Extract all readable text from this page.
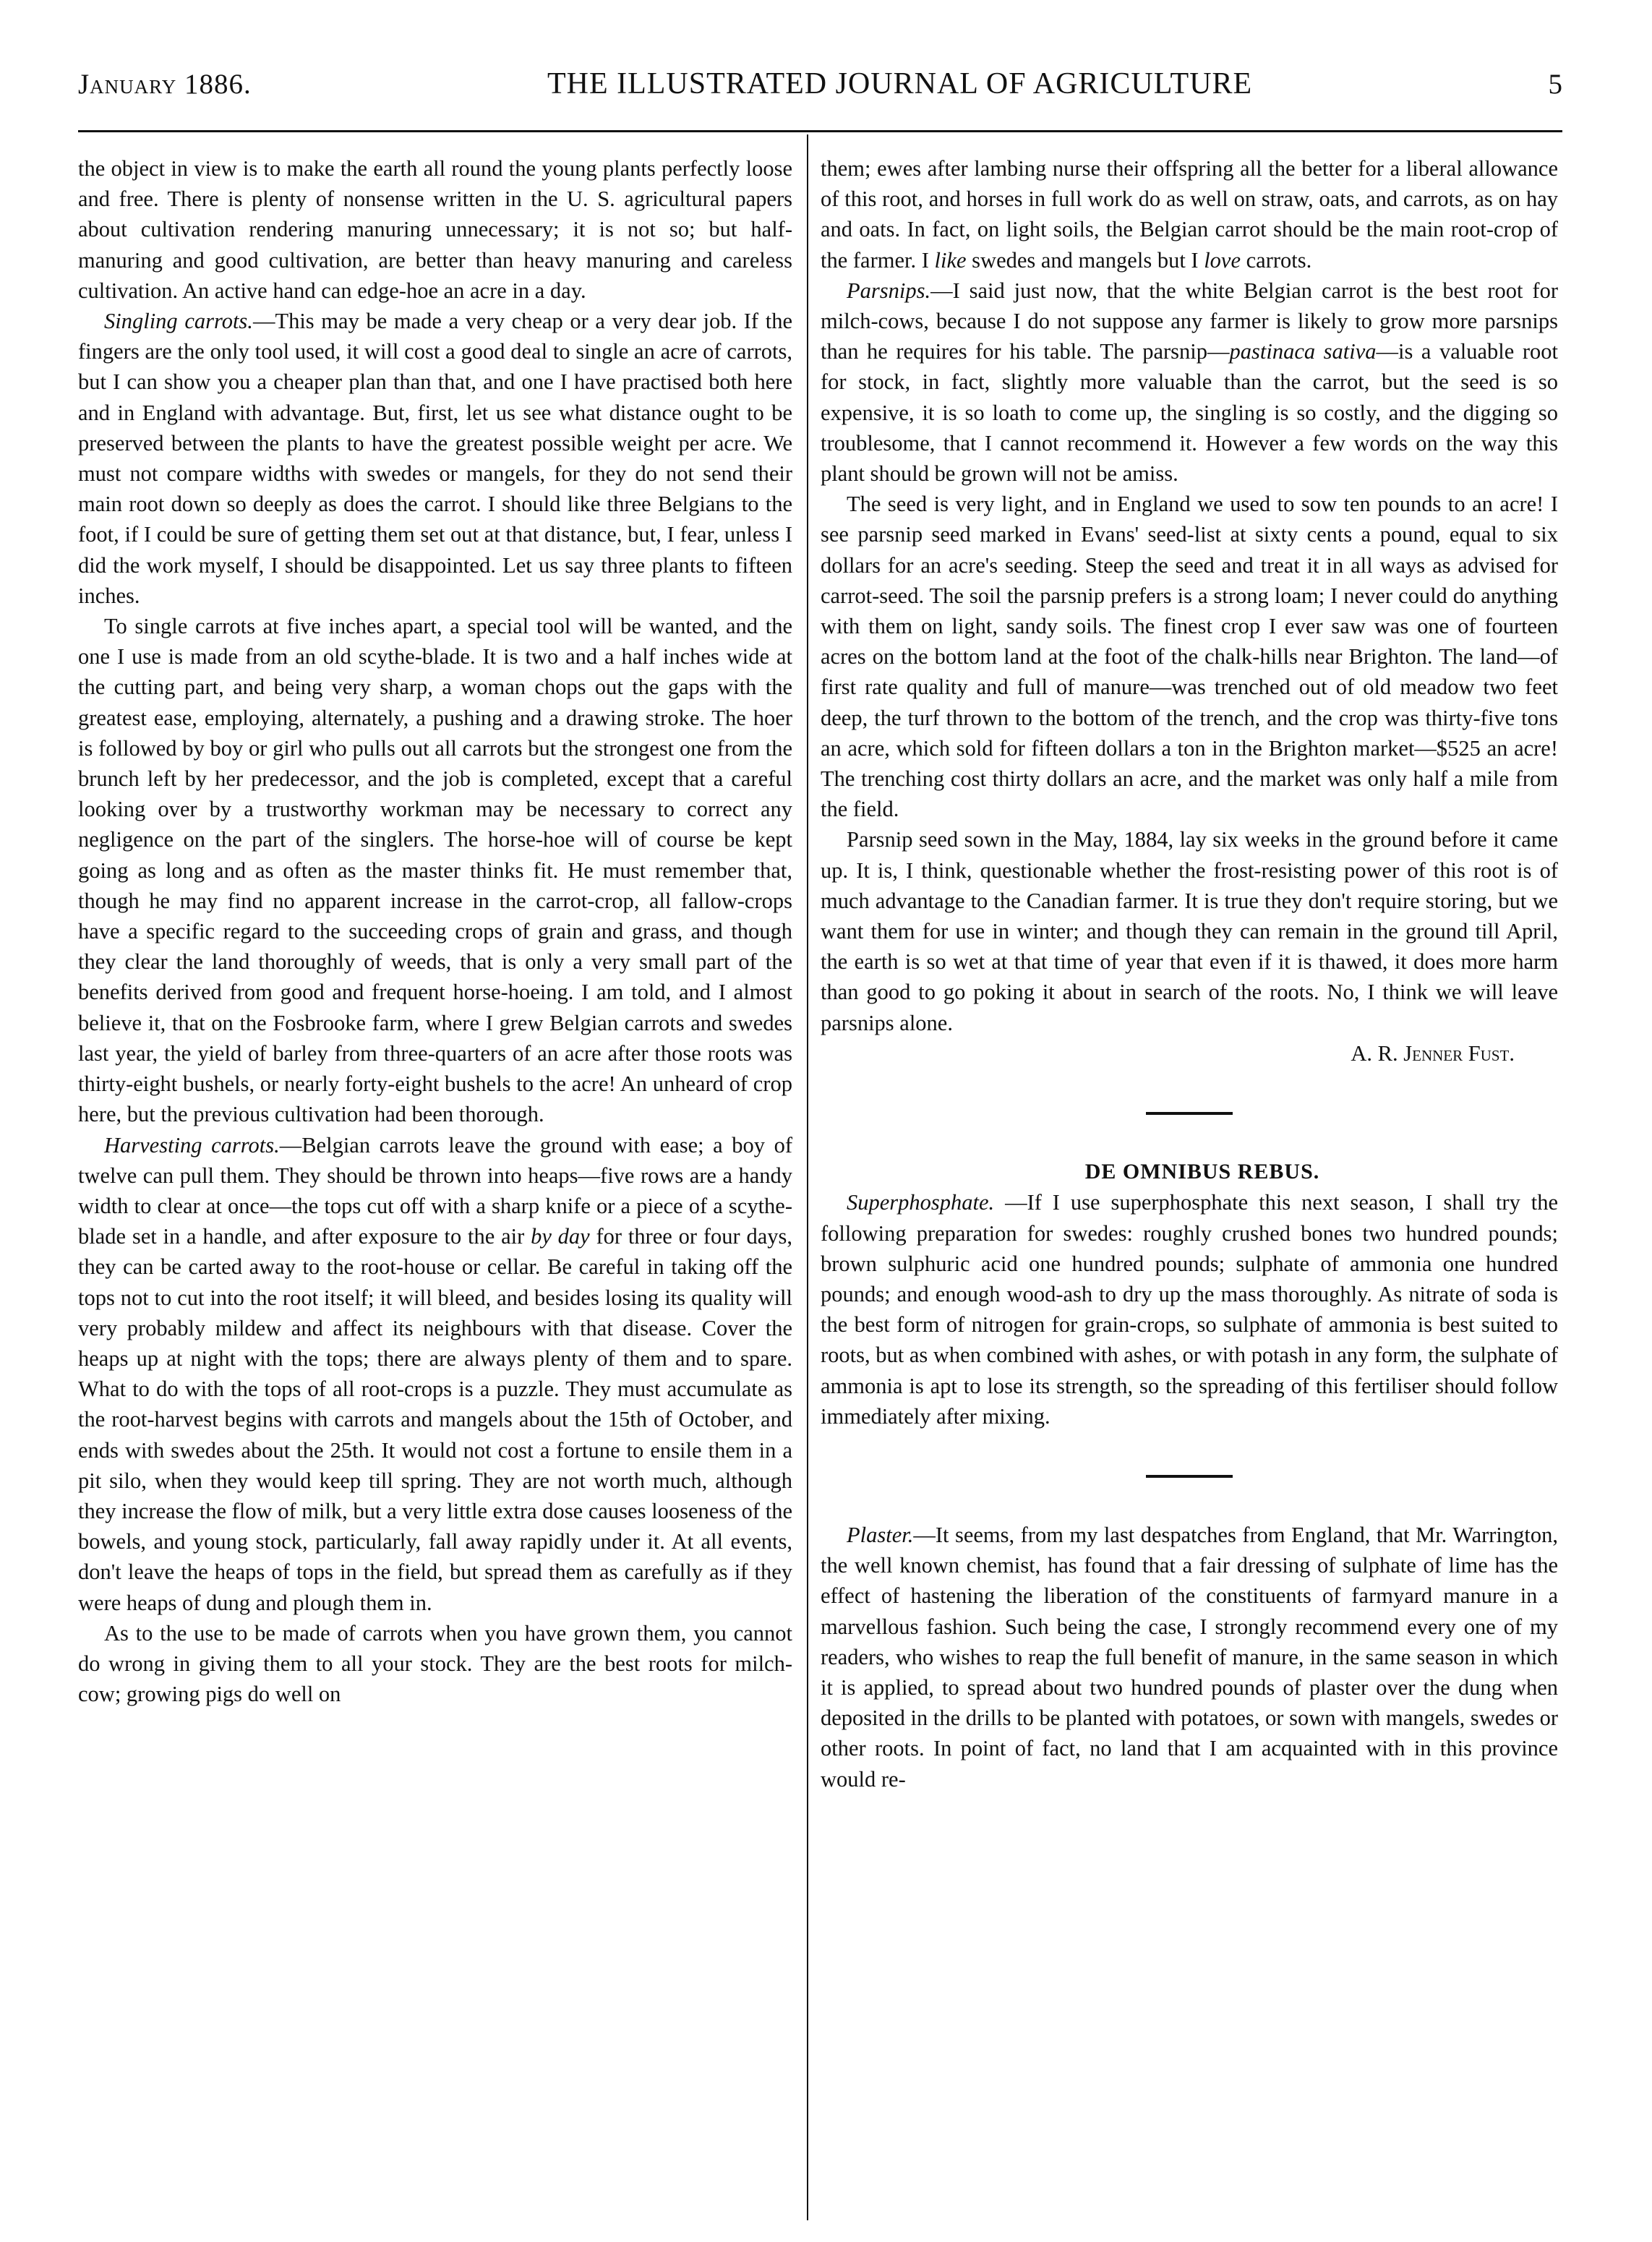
January 1886.	THE ILLUSTRATED JOURNAL OF AGRICULTURE	5

the object in view is to make the earth all round the young plants perfectly loose and free. There is plenty of nonsense written in the U. S. agricultural papers about cultivation rendering manuring unnecessary; it is not so; but half-manuring and good cultivation, are better than heavy manuring and careless cultivation. An active hand can edge-hoe an acre in a day.

Singling carrots.—This may be made a very cheap or a very dear job. If the fingers are the only tool used, it will cost a good deal to single an acre of carrots, but I can show you a cheaper plan than that, and one I have practised both here and in England with advantage. But, first, let us see what distance ought to be preserved between the plants to have the greatest possible weight per acre. We must not compare widths with swedes or mangels, for they do not send their main root down so deeply as does the carrot. I should like three Belgians to the foot, if I could be sure of getting them set out at that distance, but, I fear, unless I did the work myself, I should be disappointed. Let us say three plants to fifteen inches.

To single carrots at five inches apart, a special tool will be wanted, and the one I use is made from an old scythe-blade. It is two and a half inches wide at the cutting part, and being very sharp, a woman chops out the gaps with the greatest ease, employing, alternately, a pushing and a drawing stroke. The hoer is followed by boy or girl who pulls out all carrots but the strongest one from the brunch left by her predecessor, and the job is completed, except that a careful looking over by a trustworthy workman may be necessary to correct any negligence on the part of the singlers. The horse-hoe will of course be kept going as long and as often as the master thinks fit. He must remember that, though he may find no apparent increase in the carrot-crop, all fallow-crops have a specific regard to the succeeding crops of grain and grass, and though they clear the land thoroughly of weeds, that is only a very small part of the benefits derived from good and frequent horse-hoeing. I am told, and I almost believe it, that on the Fosbrooke farm, where I grew Belgian carrots and swedes last year, the yield of barley from three-quarters of an acre after those roots was thirty-eight bushels, or nearly forty-eight bushels to the acre! An unheard of crop here, but the previous cultivation had been thorough.

Harvesting carrots.—Belgian carrots leave the ground with ease; a boy of twelve can pull them. They should be thrown into heaps—five rows are a handy width to clear at once—the tops cut off with a sharp knife or a piece of a scythe-blade set in a handle, and after exposure to the air by day for three or four days, they can be carted away to the root-house or cellar. Be careful in taking off the tops not to cut into the root itself; it will bleed, and besides losing its quality will very probably mildew and affect its neighbours with that disease. Cover the heaps up at night with the tops; there are always plenty of them and to spare. What to do with the tops of all root-crops is a puzzle. They must accumulate as the root-harvest begins with carrots and mangels about the 15th of October, and ends with swedes about the 25th. It would not cost a fortune to ensile them in a pit silo, when they would keep till spring. They are not worth much, although they increase the flow of milk, but a very little extra dose causes looseness of the bowels, and young stock, particularly, fall away rapidly under it. At all events, don't leave the heaps of tops in the field, but spread them as carefully as if they were heaps of dung and plough them in.

As to the use to be made of carrots when you have grown them, you cannot do wrong in giving them to all your stock. They are the best roots for milch-cow; growing pigs do well on

them; ewes after lambing nurse their offspring all the better for a liberal allowance of this root, and horses in full work do as well on straw, oats, and carrots, as on hay and oats. In fact, on light soils, the Belgian carrot should be the main root-crop of the farmer. I like swedes and mangels but I love carrots.

Parsnips.—I said just now, that the white Belgian carrot is the best root for milch-cows, because I do not suppose any farmer is likely to grow more parsnips than he requires for his table. The parsnip—pastinaca sativa—is a valuable root for stock, in fact, slightly more valuable than the carrot, but the seed is so expensive, it is so loath to come up, the singling is so costly, and the digging so troublesome, that I cannot recommend it. However a few words on the way this plant should be grown will not be amiss.

The seed is very light, and in England we used to sow ten pounds to an acre! I see parsnip seed marked in Evans' seed-list at sixty cents a pound, equal to six dollars for an acre's seeding. Steep the seed and treat it in all ways as advised for carrot-seed. The soil the parsnip prefers is a strong loam; I never could do anything with them on light, sandy soils. The finest crop I ever saw was one of fourteen acres on the bottom land at the foot of the chalk-hills near Brighton. The land—of first rate quality and full of manure—was trenched out of old meadow two feet deep, the turf thrown to the bottom of the trench, and the crop was thirty-five tons an acre, which sold for fifteen dollars a ton in the Brighton market—$525 an acre! The trenching cost thirty dollars an acre, and the market was only half a mile from the field.

Parsnip seed sown in the May, 1884, lay six weeks in the ground before it came up. It is, I think, questionable whether the frost-resisting power of this root is of much advantage to the Canadian farmer. It is true they don't require storing, but we want them for use in winter; and though they can remain in the ground till April, the earth is so wet at that time of year that even if it is thawed, it does more harm than good to go poking it about in search of the roots. No, I think we will leave parsnips alone.

A. R. Jenner Fust.

DE OMNIBUS REBUS.

Superphosphate. —If I use superphosphate this next season, I shall try the following preparation for swedes: roughly crushed bones two hundred pounds; brown sulphuric acid one hundred pounds; sulphate of ammonia one hundred pounds; and enough wood-ash to dry up the mass thoroughly. As nitrate of soda is the best form of nitrogen for grain-crops, so sulphate of ammonia is best suited to roots, but as when combined with ashes, or with potash in any form, the sulphate of ammonia is apt to lose its strength, so the spreading of this fertiliser should follow immediately after mixing.

Plaster.—It seems, from my last despatches from England, that Mr. Warrington, the well known chemist, has found that a fair dressing of sulphate of lime has the effect of hastening the liberation of the constituents of farmyard manure in a marvellous fashion. Such being the case, I strongly recommend every one of my readers, who wishes to reap the full benefit of manure, in the same season in which it is applied, to spread about two hundred pounds of plaster over the dung when deposited in the drills to be planted with potatoes, or sown with mangels, swedes or other roots. In point of fact, no land that I am acquainted with in this province would re-
